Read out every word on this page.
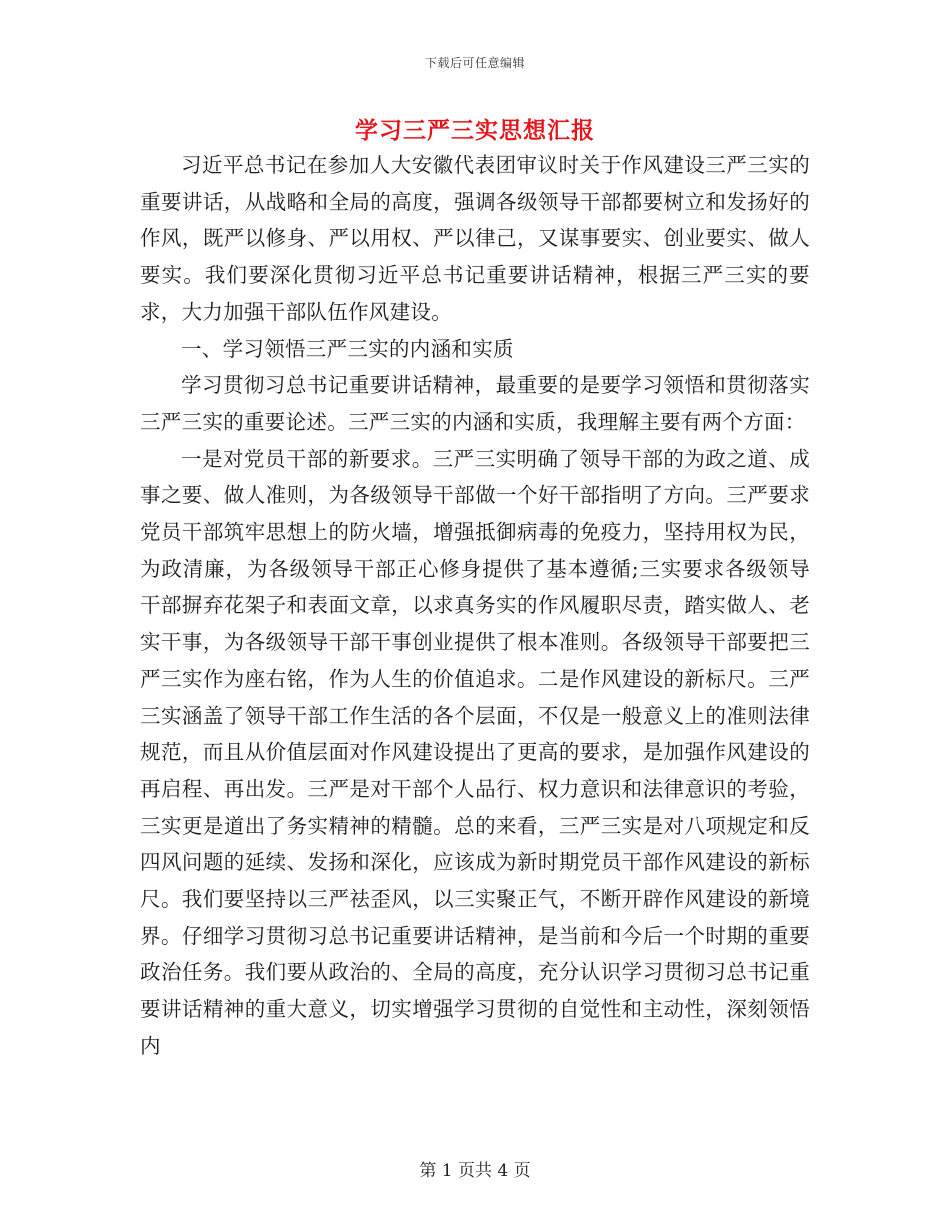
下载后可任意编辑
学习三严三实思想汇报

习近平总书记在参加人大安徽代表团审议时关于作风建设三严三实的重要讲话，从战略和全局的高度，强调各级领导干部都要树立和发扬好的作风，既严以修身、严以用权、严以律己，又谋事要实、创业要实、做人要实。我们要深化贯彻习近平总书记重要讲话精神，根据三严三实的要求，大力加强干部队伍作风建设。

一、学习领悟三严三实的内涵和实质

学习贯彻习总书记重要讲话精神，最重要的是要学习领悟和贯彻落实三严三实的重要论述。三严三实的内涵和实质，我理解主要有两个方面：

一是对党员干部的新要求。三严三实明确了领导干部的为政之道、成事之要、做人准则，为各级领导干部做一个好干部指明了方向。三严要求党员干部筑牢思想上的防火墙，增强抵御病毒的免疫力，坚持用权为民，为政清廉，为各级领导干部正心修身提供了基本遵循;三实要求各级领导干部摒弃花架子和表面文章，以求真务实的作风履职尽责，踏实做人、老实干事，为各级领导干部干事创业提供了根本准则。各级领导干部要把三严三实作为座右铭，作为人生的价值追求。二是作风建设的新标尺。三严三实涵盖了领导干部工作生活的各个层面，不仅是一般意义上的准则法律规范，而且从价值层面对作风建设提出了更高的要求，是加强作风建设的再启程、再出发。三严是对干部个人品行、权力意识和法律意识的考验，三实更是道出了务实精神的精髓。总的来看，三严三实是对八项规定和反四风问题的延续、发扬和深化，应该成为新时期党员干部作风建设的新标尺。我们要坚持以三严祛歪风，以三实聚正气，不断开辟作风建设的新境界。仔细学习贯彻习总书记重要讲话精神，是当前和今后一个时期的重要政治任务。我们要从政治的、全局的高度，充分认识学习贯彻习总书记重要讲话精神的重大意义，切实增强学习贯彻的自觉性和主动性，深刻领悟内

第 1 页共 4 页
